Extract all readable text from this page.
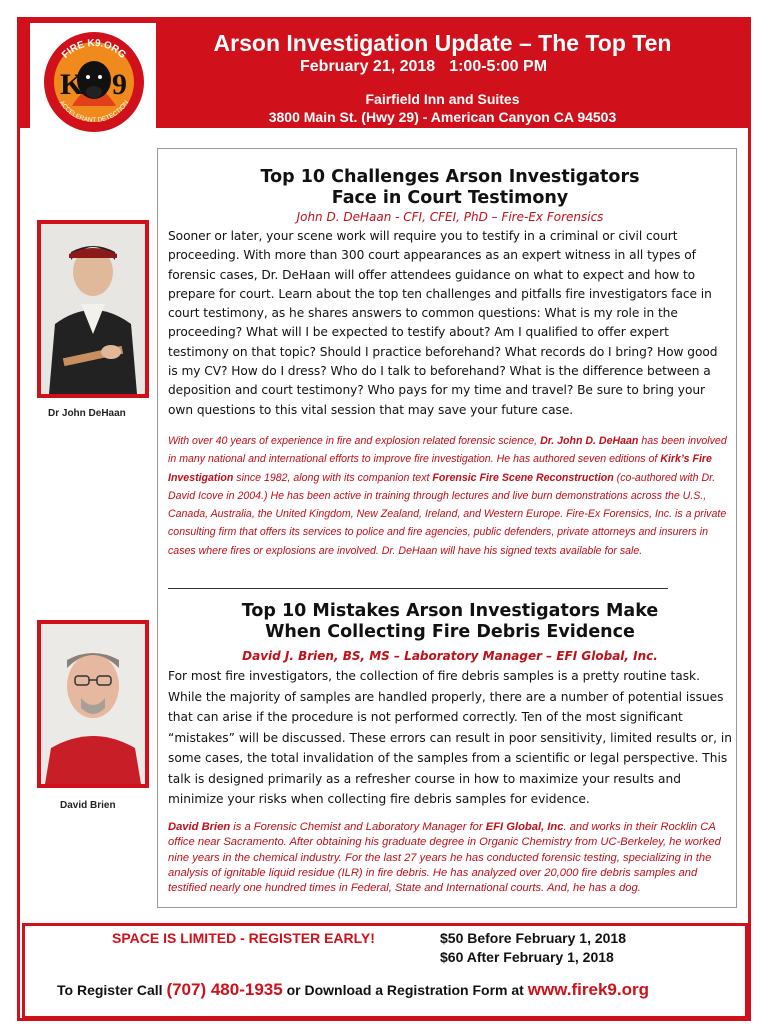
K 9
FIRE K9.ORG
ACCELERANT DETECTION
Arson Investigation Update – The Top Ten
February 21, 2018 1:00-5:00 PM
Fairfield Inn and Suites
3800 Main St. (Hwy 29) - American Canyon CA 94503
Dr John DeHaan
Top 10 Challenges Arson Investigators
Face in Court Testimony
John D. DeHaan - CFI, CFEI, PhD – Fire-Ex Forensics
Sooner or later, your scene work will require you to testify in a criminal or civil court proceeding. With more than 300 court appearances as an expert witness in all types of forensic cases, Dr. DeHaan will offer attendees guidance on what to expect and how to prepare for court. Learn about the top ten challenges and pitfalls fire investigators face in court testimony, as he shares answers to common questions: What is my role in the proceeding? What will I be expected to testify about? Am I qualified to offer expert testimony on that topic? Should I practice beforehand? What records do I bring? How good is my CV? How do I dress? Who do I talk to beforehand? What is the difference between a deposition and court testimony? Who pays for my time and travel? Be sure to bring your own questions to this vital session that may save your future case.
With over 40 years of experience in fire and explosion related forensic science, Dr. John D. DeHaan has been involved in many national and international efforts to improve fire investigation. He has authored seven editions of Kirk’s Fire Investigation since 1982, along with its companion text Forensic Fire Scene Reconstruction (co-authored with Dr. David Icove in 2004.) He has been active in training through lectures and live burn demonstrations across the U.S., Canada, Australia, the United Kingdom, New Zealand, Ireland, and Western Europe. Fire-Ex Forensics, Inc. is a private consulting firm that offers its services to police and fire agencies, public defenders, private attorneys and insurers in cases where fires or explosions are involved. Dr. DeHaan will have his signed texts available for sale.
David Brien
Top 10 Mistakes Arson Investigators Make
When Collecting Fire Debris Evidence
David J. Brien, BS, MS – Laboratory Manager – EFI Global, Inc.
For most fire investigators, the collection of fire debris samples is a pretty routine task. While the majority of samples are handled properly, there are a number of potential issues that can arise if the procedure is not performed correctly. Ten of the most significant “mistakes” will be discussed. These errors can result in poor sensitivity, limited results or, in some cases, the total invalidation of the samples from a scientific or legal perspective. This talk is designed primarily as a refresher course in how to maximize your results and minimize your risks when collecting fire debris samples for evidence.
David Brien is a Forensic Chemist and Laboratory Manager for EFI Global, Inc. and works in their Rocklin CA office near Sacramento. After obtaining his graduate degree in Organic Chemistry from UC-Berkeley, he worked nine years in the chemical industry. For the last 27 years he has conducted forensic testing, specializing in the analysis of ignitable liquid residue (ILR) in fire debris. He has analyzed over 20,000 fire debris samples and testified nearly one hundred times in Federal, State and International courts. And, he has a dog.
SPACE IS LIMITED - REGISTER EARLY!	$50 Before February 1, 2018
$60 After February 1, 2018
To Register Call (707) 480-1935 or Download a Registration Form at www.firek9.org
